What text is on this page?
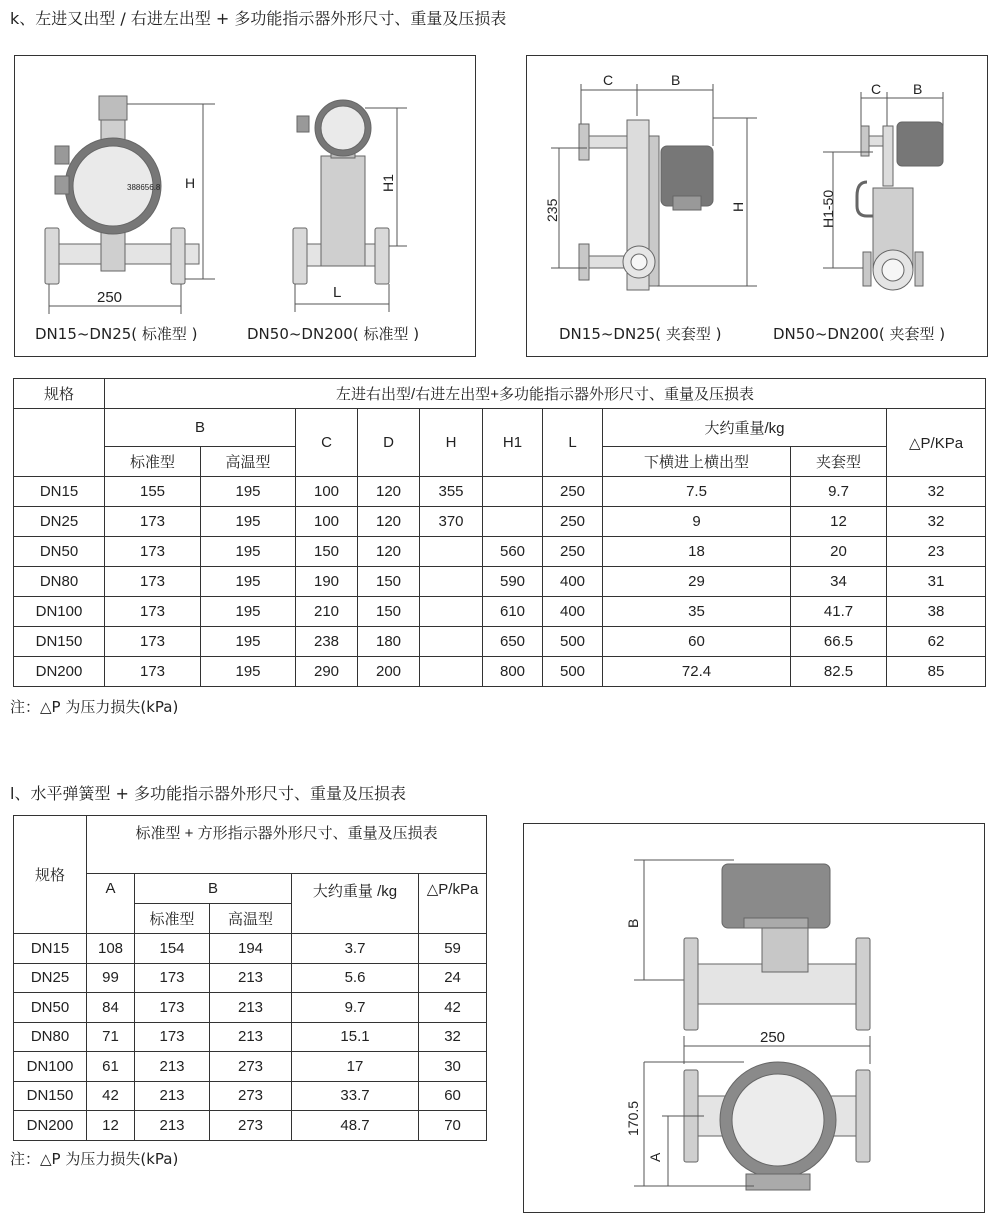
k、左进又出型 / 右进左出型 + 多功能指示器外形尺寸、重量及压损表
388656.8 H
250
H1
L
DN15~DN25( 标准型 )	DN50~DN200( 标准型 )
C	B
235	H
C B
H1-50
DN15~DN25( 夹套型 )	DN50~DN200( 夹套型 )
规格	左进右出型/右进左出型+多功能指示器外形尺寸、重量及压损表									
	B		C	D	H	H1	L	大约重量/kg		△P/KPa
	标准型	高温型						下横进上横出型	夹套型	
DN15	155	195	100	120	355		250	7.5	9.7	32
DN25	173	195	100	120	370		250	9	12	32
DN50	173	195	150	120		560	250	18	20	23
DN80	173	195	190	150		590	400	29	34	31
DN100	173	195	210	150		610	400	35	41.7	38
DN150	173	195	238	180		650	500	60	66.5	62
DN200	173	195	290	200		800	500	72.4	82.5	85
注：△P 为压力损失(kPa)
l、水平弹簧型 + 多功能指示器外形尺寸、重量及压损表
规格	标准型 + 方形指示器外形尺寸、重量及压损表				
	A	B		大约重量 /kg	△P/kPa
		标准型	高温型		
DN15	108	154	194	3.7	59
DN25	99	173	213	5.6	24
DN50	84	173	213	9.7	42
DN80	71	173	213	15.1	32
DN100	61	213	273	17	30
DN150	42	213	273	33.7	60
DN200	12	213	273	48.7	70
注：△P 为压力损失(kPa)
B
250
170.5
A
